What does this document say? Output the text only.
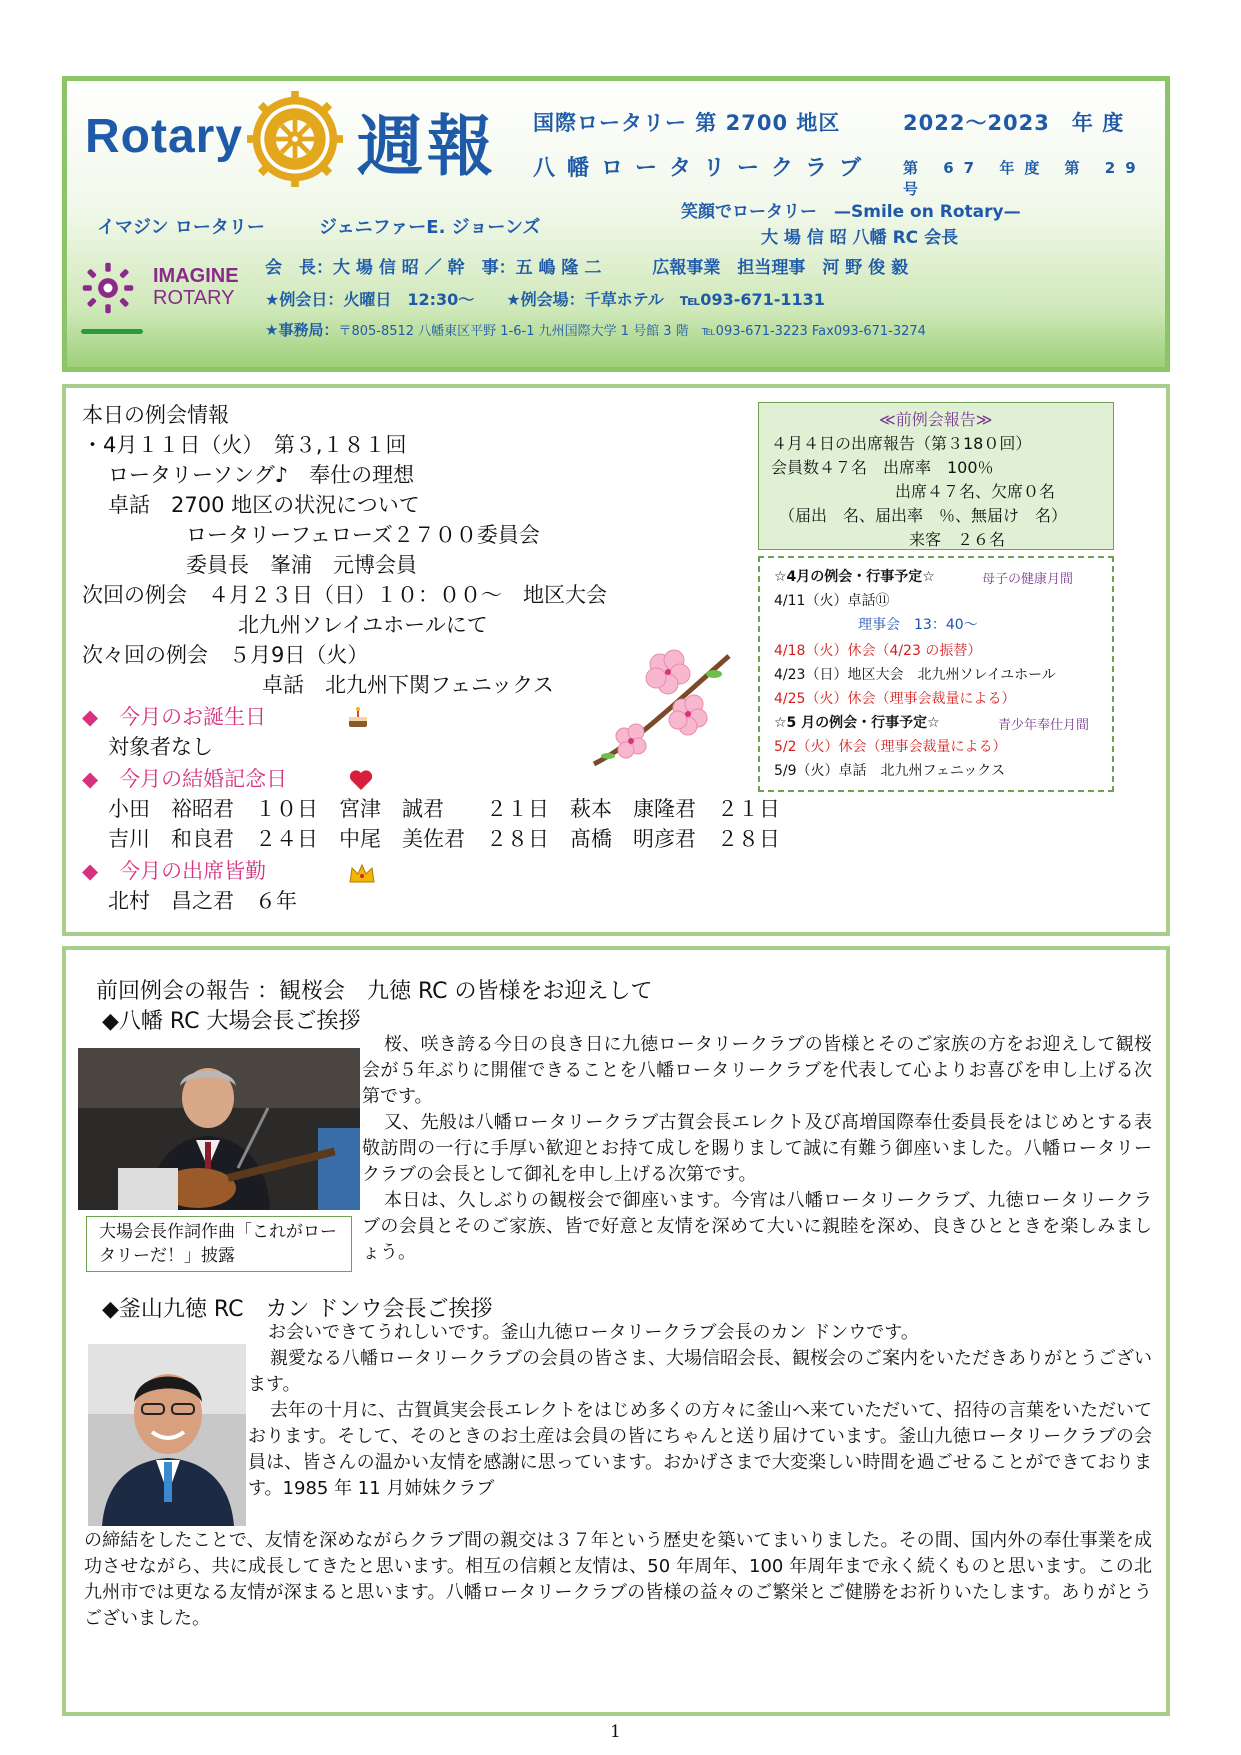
Rotary 週報 国際ロータリー 第 2700 地区	2022～2023　年 度
八幡ロータリークラブ 第 67 年度 第 29 号
イマジン ロータリー	ジェニファーE. ジョーンズ
笑顔でロータリー　—Smile on Rotary—
大 場 信 昭 八幡 RC 会長
IMAGINE
ROTARY
会　長：大 場 信 昭 ／ 幹　事：五 嶋 隆 二　　　広報事業　担当理事　河 野 俊 毅
★例会日：火曜日　12:30～　　★例会場：千草ホテル　℡093-671-1131
★事務局：〒805-8512 八幡東区平野 1-6-1 九州国際大学 1 号館 3 階　℡093-671-3223 Fax093-671-3274
本日の例会情報
・4月１１日（火）　第３,１８１回
ロータリーソング♪　奉仕の理想
卓話　2700 地区の状況について
ロータリーフェローズ２７００委員会
委員長　峯浦　元博会員
次回の例会　４月２３日（日）１０：００～　地区大会
北九州ソレイユホールにて
次々回の例会　５月9日（火）
卓話　北九州下関フェニックス
◆　今月のお誕生日
対象者なし
◆　今月の結婚記念日
小田　裕昭君　１０日　宮津　誠君　　２１日　萩本　康隆君　２１日
吉川　和良君　２４日　中尾　美佐君　２８日　髙橋　明彦君　２８日
◆　今月の出席皆勤
北村　昌之君　６年
≪前例会報告≫
４月４日の出席報告（第３18０回）
会員数４７名　出席率　100％
出席４７名、欠席０名
（届出　名、届出率　％、無届け　名）
来客　２６名
☆4月の例会・行事予定☆	母子の健康月間
4/11（火）卓話⑪
理事会　13：40～
4/18（火）休会（4/23 の振替）
4/23（日）地区大会　北九州ソレイユホール
4/25（火）休会（理事会裁量による）
☆5 月の例会・行事予定☆	青少年奉仕月間
5/2（火）休会（理事会裁量による）
5/9（火）卓話　北九州フェニックス
前回例会の報告 ：観桜会　九徳 RC の皆様をお迎えして
◆八幡 RC 大場会長ご挨拶
大場会長作詞作曲「これがロータリーだ！」披露
桜、咲き誇る今日の良き日に九徳ロータリークラブの皆様とそのご家族の方をお迎えして観桜会が５年ぶりに開催できることを八幡ロータリークラブを代表して心よりお喜びを申し上げる次第です。
又、先般は八幡ロータリークラブ古賀会長エレクト及び髙増国際奉仕委員長をはじめとする表敬訪問の一行に手厚い歓迎とお持て成しを賜りまして誠に有難う御座いました。八幡ロータリークラブの会長として御礼を申し上げる次第です。
本日は、久しぶりの観桜会で御座います。今宵は八幡ロータリークラブ、九徳ロータリークラブの会員とそのご家族、皆で好意と友情を深めて大いに親睦を深め、良きひとときを楽しみましょう。
◆釜山九徳 RC　カン ドンウ会長ご挨拶
お会いできてうれしいです。釜山九徳ロータリークラブ会長のカン ドンウです。
親愛なる八幡ロータリークラブの会員の皆さま、大場信昭会長、観桜会のご案内をいただきありがとうございます。
去年の十月に、古賀眞実会長エレクトをはじめ多くの方々に釜山へ来ていただいて、招待の言葉をいただいております。そして、そのときのお土産は会員の皆にちゃんと送り届けています。釜山九徳ロータリークラブの会員は、皆さんの温かい友情を感謝に思っています。おかげさまで大変楽しい時間を過ごせることができております。1985 年 11 月姉妹クラブ
の締結をしたことで、友情を深めながらクラブ間の親交は３７年という歴史を築いてまいりました。その間、国内外の奉仕事業を成功させながら、共に成長してきたと思います。相互の信頼と友情は、50 年周年、100 年周年まで永く続くものと思います。この北九州市では更なる友情が深まると思います。八幡ロータリークラブの皆様の益々のご繁栄とご健勝をお祈りいたします。ありがとうございました。
1
